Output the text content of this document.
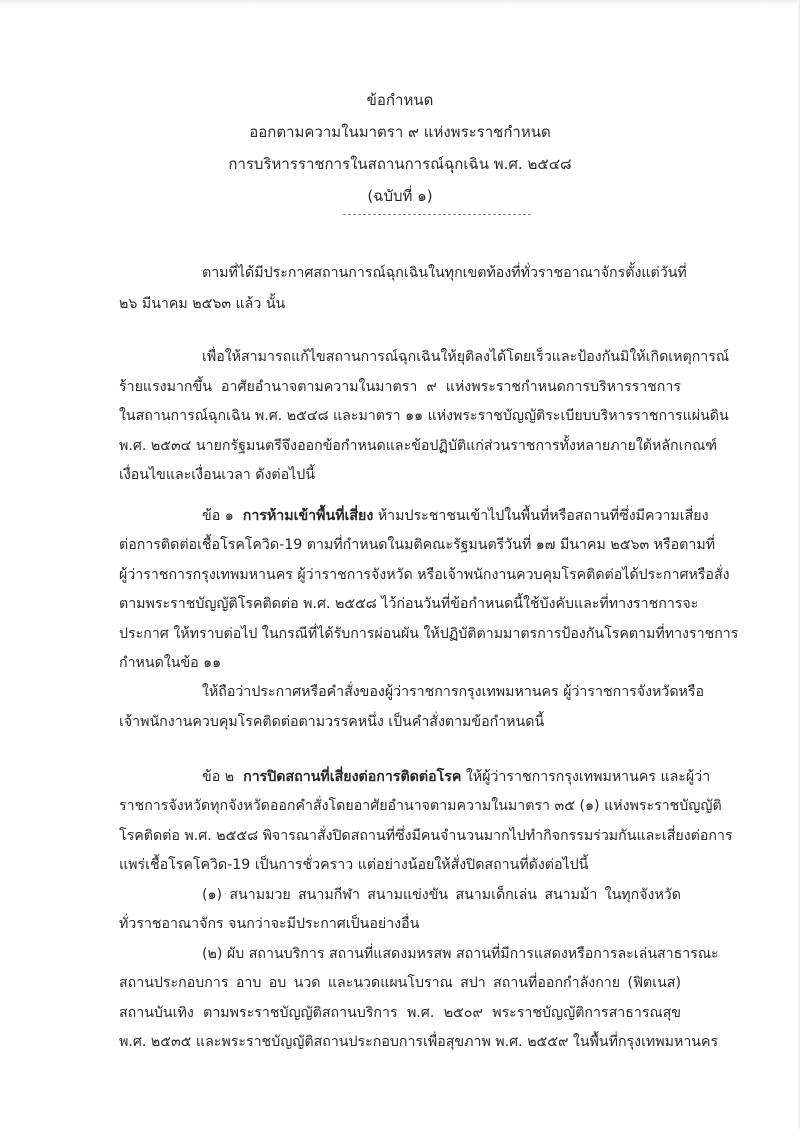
ข้อกำหนด
ออกตามความในมาตรา ๙ แห่งพระราชกำหนด
การบริหารราชการในสถานการณ์ฉุกเฉิน พ.ศ. ๒๕๔๘
(ฉบับที่ ๑)
ตามที่ได้มีประกาศสถานการณ์ฉุกเฉินในทุกเขตท้องที่ทั่วราชอาณาจักรตั้งแต่วันที่
๒๖ มีนาคม ๒๕๖๓ แล้ว นั้น
เพื่อให้สามารถแก้ไขสถานการณ์ฉุกเฉินให้ยุติลงได้โดยเร็วและป้องกันมิให้เกิดเหตุการณ์
ร้ายแรงมากขึ้น อาศัยอำนาจตามความในมาตรา ๙ แห่งพระราชกำหนดการบริหารราชการ
ในสถานการณ์ฉุกเฉิน พ.ศ. ๒๕๔๘ และมาตรา ๑๑ แห่งพระราชบัญญัติระเบียบบริหารราชการแผ่นดิน
พ.ศ. ๒๕๓๔ นายกรัฐมนตรีจึงออกข้อกำหนดและข้อปฏิบัติแก่ส่วนราชการทั้งหลายภายใต้หลักเกณฑ์
เงื่อนไขและเงื่อนเวลา ดังต่อไปนี้
ข้อ ๑ การห้ามเข้าพื้นที่เสี่ยง ห้ามประชาชนเข้าไปในพื้นที่หรือสถานที่ซึ่งมีความเสี่ยง
ต่อการติดต่อเชื้อโรคโควิด-19 ตามที่กำหนดในมติคณะรัฐมนตรีวันที่ ๑๗ มีนาคม ๒๕๖๓ หรือตามที่
ผู้ว่าราชการกรุงเทพมหานคร ผู้ว่าราชการจังหวัด หรือเจ้าพนักงานควบคุมโรคติดต่อได้ประกาศหรือสั่ง
ตามพระราชบัญญัติโรคติดต่อ พ.ศ. ๒๕๕๘ ไว้ก่อนวันที่ข้อกำหนดนี้ใช้บังคับและที่ทางราชการจะ
ประกาศ ให้ทราบต่อไป ในกรณีที่ได้รับการผ่อนผัน ให้ปฏิบัติตามมาตรการป้องกันโรคตามที่ทางราชการ
กำหนดในข้อ ๑๑
ให้ถือว่าประกาศหรือคำสั่งของผู้ว่าราชการกรุงเทพมหานคร ผู้ว่าราชการจังหวัดหรือ
เจ้าพนักงานควบคุมโรคติดต่อตามวรรคหนึ่ง เป็นคำสั่งตามข้อกำหนดนี้
ข้อ ๒ การปิดสถานที่เสี่ยงต่อการติดต่อโรค ให้ผู้ว่าราชการกรุงเทพมหานคร และผู้ว่า
ราชการจังหวัดทุกจังหวัดออกคำสั่งโดยอาศัยอำนาจตามความในมาตรา ๓๕ (๑) แห่งพระราชบัญญัติ
โรคติดต่อ พ.ศ. ๒๕๕๘ พิจารณาสั่งปิดสถานที่ซึ่งมีคนจำนวนมากไปทำกิจกรรมร่วมกันและเสี่ยงต่อการ
แพร่เชื้อโรคโควิด-19 เป็นการชั่วคราว แต่อย่างน้อยให้สั่งปิดสถานที่ดังต่อไปนี้
(๑) สนามมวย สนามกีฬา สนามแข่งขัน สนามเด็กเล่น สนามม้า ในทุกจังหวัด
ทั่วราชอาณาจักร จนกว่าจะมีประกาศเป็นอย่างอื่น
(๒) ผับ สถานบริการ สถานที่แสดงมหรสพ สถานที่มีการแสดงหรือการละเล่นสาธารณะ
สถานประกอบการ อาบ อบ นวด และนวดแผนโบราณ สปา สถานที่ออกกำลังกาย (ฟิตเนส)
สถานบันเทิง ตามพระราชบัญญัติสถานบริการ พ.ศ. ๒๕๐๙ พระราชบัญญัติการสาธารณสุข
พ.ศ. ๒๕๓๕ และพระราชบัญญัติสถานประกอบการเพื่อสุขภาพ พ.ศ. ๒๕๕๙ ในพื้นที่กรุงเทพมหานคร
